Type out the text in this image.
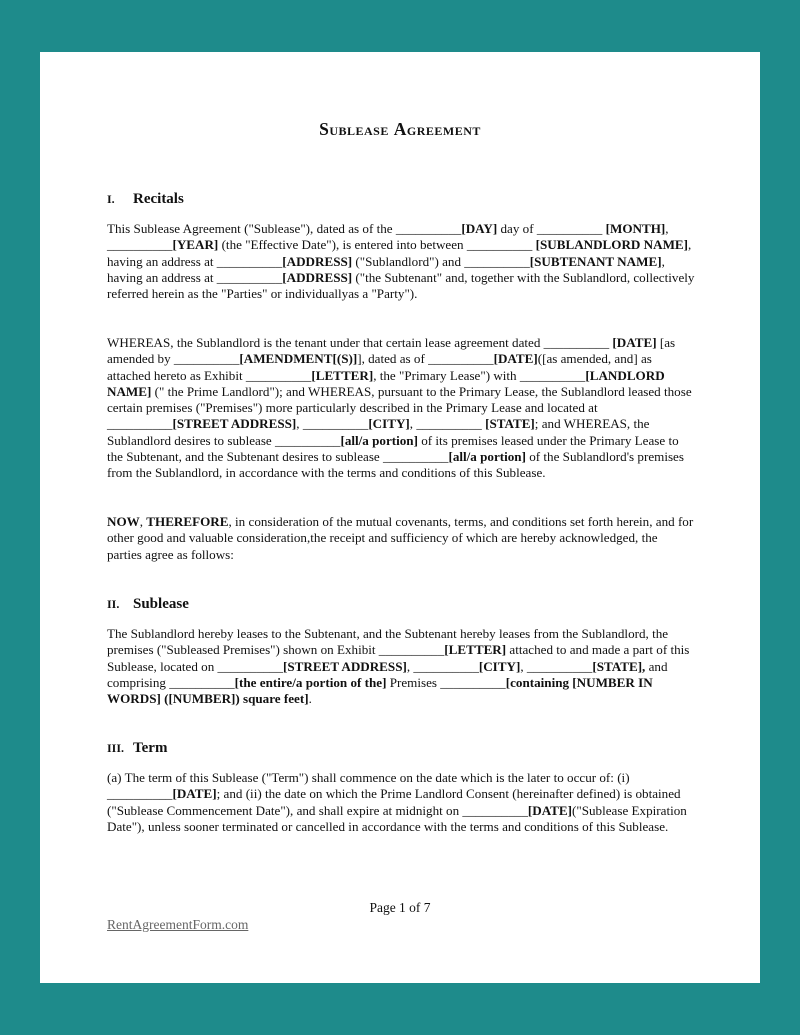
Sublease Agreement
I. Recitals
This Sublease Agreement ("Sublease"), dated as of the __________[DAY] day of __________ [MONTH], __________[YEAR] (the "Effective Date"), is entered into between __________ [SUBLANDLORD NAME], having an address at __________[ADDRESS] ("Sublandlord") and __________[SUBTENANT NAME], having an address at __________[ADDRESS] ("the Subtenant" and, together with the Sublandlord, collectively referred herein as the "Parties" or individuallyas a "Party").
WHEREAS, the Sublandlord is the tenant under that certain lease agreement dated __________ [DATE] [as amended by __________[AMENDMENT[(S)]], dated as of __________[DATE]([as amended, and] as attached hereto as Exhibit __________[LETTER], the "Primary Lease") with __________[LANDLORD NAME] (" the Prime Landlord"); and WHEREAS, pursuant to the Primary Lease, the Sublandlord leased those certain premises ("Premises") more particularly described in the Primary Lease and located at __________[STREET ADDRESS], __________[CITY], __________ [STATE]; and WHEREAS, the Sublandlord desires to sublease __________[all/a portion] of its premises leased under the Primary Lease to the Subtenant, and the Subtenant desires to sublease __________[all/a portion] of the Sublandlord's premises from the Sublandlord, in accordance with the terms and conditions of this Sublease.
NOW, THEREFORE, in consideration of the mutual covenants, terms, and conditions set forth herein, and for other good and valuable consideration,the receipt and sufficiency of which are hereby acknowledged, the parties agree as follows:
II. Sublease
The Sublandlord hereby leases to the Subtenant, and the Subtenant hereby leases from the Sublandlord, the premises ("Subleased Premises") shown on Exhibit __________[LETTER] attached to and made a part of this Sublease, located on __________[STREET ADDRESS], __________[CITY], __________[STATE], and comprising __________[the entire/a portion of the] Premises __________[containing [NUMBER IN WORDS] ([NUMBER]) square feet].
III. Term
(a) The term of this Sublease ("Term") shall commence on the date which is the later to occur of: (i) __________[DATE]; and (ii) the date on which the Prime Landlord Consent (hereinafter defined) is obtained ("Sublease Commencement Date"), and shall expire at midnight on __________[DATE]("Sublease Expiration Date"), unless sooner terminated or cancelled in accordance with the terms and conditions of this Sublease.
Page 1 of 7
RentAgreementForm.com
